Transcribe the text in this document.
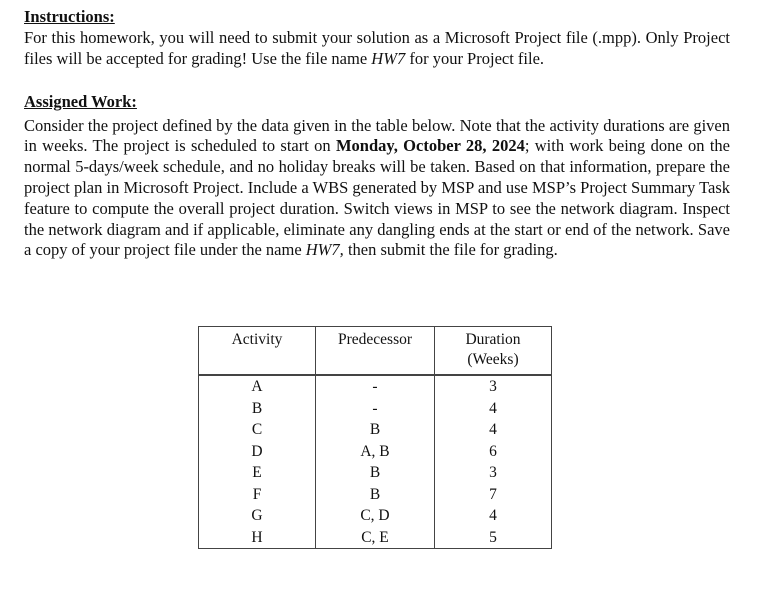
Instructions:

For this homework, you will need to submit your solution as a Microsoft Project file (.mpp). Only Project files will be accepted for grading! Use the file name HW7 for your Project file.

Assigned Work:

Consider the project defined by the data given in the table below. Note that the activity durations are given in weeks. The project is scheduled to start on Monday, October 28, 2024; with work being done on the normal 5-days/week schedule, and no holiday breaks will be taken. Based on that information, prepare the project plan in Microsoft Project. Include a WBS generated by MSP and use MSP’s Project Summary Task feature to compute the overall project duration. Switch views in MSP to see the network diagram. Inspect the network diagram and if applicable, eliminate any dangling ends at the start or end of the network. Save a copy of your project file under the name HW7, then submit the file for grading.

Activity	Predecessor	Duration
(Weeks)
A	-	3
B	-	4
C	B	4
D	A, B	6
E	B	3
F	B	7
G	C, D	4
H	C, E	5
